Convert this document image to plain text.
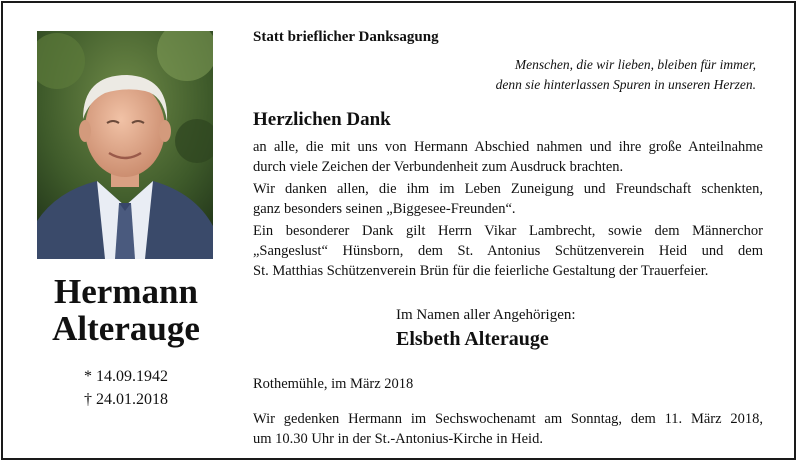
Hermann
Alterauge
* 14.09.1942
† 24.01.2018
Statt brieflicher Danksagung
Menschen, die wir lieben, bleiben für immer,
denn sie hinterlassen Spuren in unseren Herzen.
Herzlichen Dank
an alle, die mit uns von Hermann Abschied nahmen und ihre große Anteilnahme
durch viele Zeichen der Verbundenheit zum Ausdruck brachten.
Wir danken allen, die ihm im Leben Zuneigung und Freundschaft schenkten,
ganz besonders seinen „Biggesee-Freunden“.
Ein besonderer Dank gilt Herrn Vikar Lambrecht, sowie dem Männerchor
„Sangeslust“ Hünsborn, dem St. Antonius Schützenverein Heid und dem
St. Matthias Schützenverein Brün für die feierliche Gestaltung der Trauerfeier.
Im Namen aller Angehörigen:
Elsbeth Alterauge
Rothemühle, im März 2018
Wir gedenken Hermann im Sechswochenamt am Sonntag, dem 11. März 2018,
um 10.30 Uhr in der St.-Antonius-Kirche in Heid.
